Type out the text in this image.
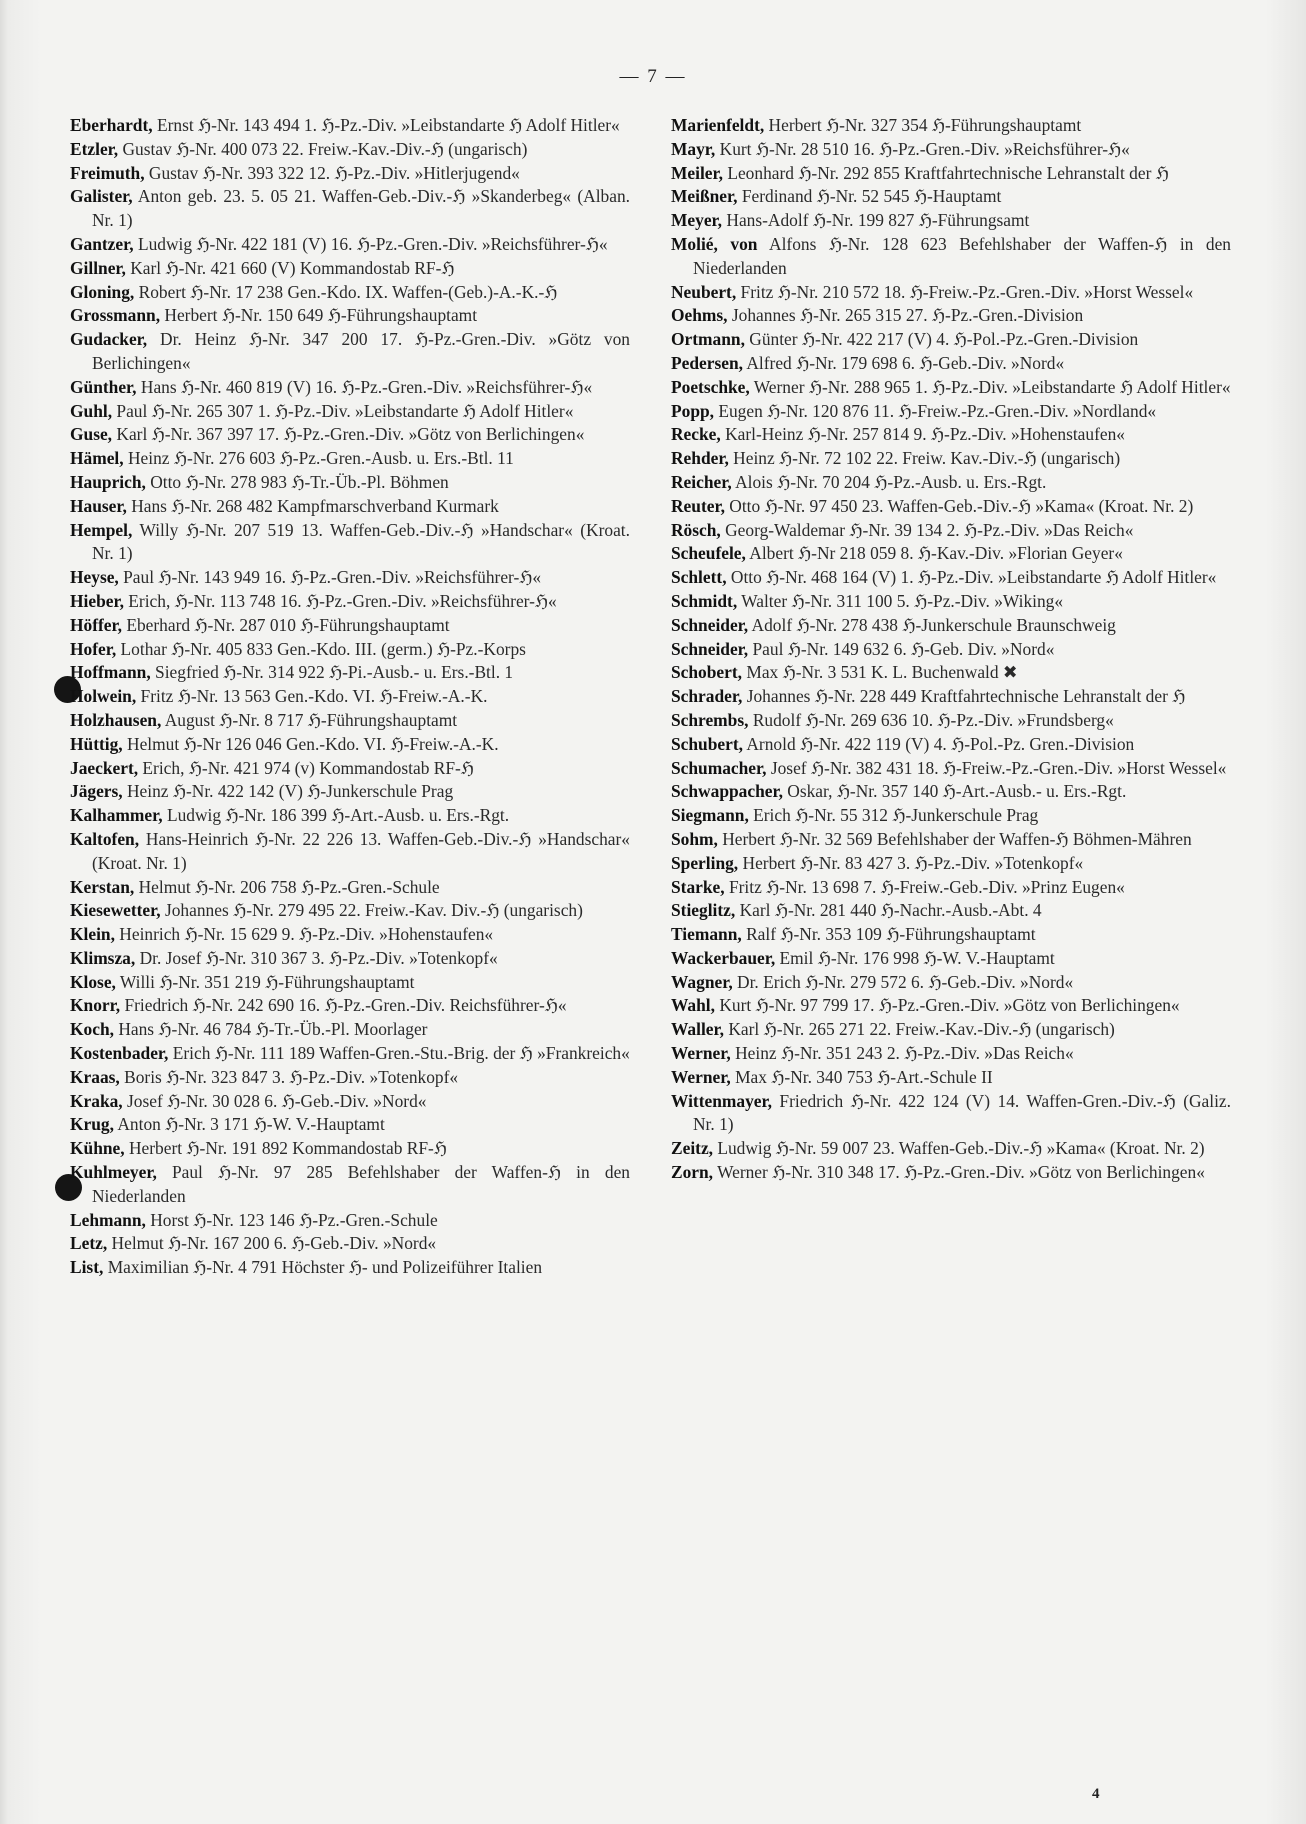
— 7 —

Eberhardt, Ernst ℌ-Nr. 143 494 1. ℌ-Pz.-Div. »Leibstandarte ℌ Adolf Hitler«

Etzler, Gustav ℌ-Nr. 400 073 22. Freiw.-Kav.-Div.-ℌ (ungarisch)

Freimuth, Gustav ℌ-Nr. 393 322 12. ℌ-Pz.-Div. »Hitlerjugend«

Galister, Anton geb. 23. 5. 05 21. Waffen-Geb.-Div.-ℌ »Skanderbeg« (Alban. Nr. 1)

Gantzer, Ludwig ℌ-Nr. 422 181 (V) 16. ℌ-Pz.-Gren.-Div. »Reichsführer-ℌ«

Gillner, Karl ℌ-Nr. 421 660 (V) Kommandostab RF-ℌ

Gloning, Robert ℌ-Nr. 17 238 Gen.-Kdo. IX. Waffen-(Geb.)-A.-K.-ℌ

Grossmann, Herbert ℌ-Nr. 150 649 ℌ-Führungshauptamt

Gudacker, Dr. Heinz ℌ-Nr. 347 200 17. ℌ-Pz.-Gren.-Div. »Götz von Berlichingen«

Günther, Hans ℌ-Nr. 460 819 (V) 16. ℌ-Pz.-Gren.-Div. »Reichsführer-ℌ«

Guhl, Paul ℌ-Nr. 265 307 1. ℌ-Pz.-Div. »Leibstandarte ℌ Adolf Hitler«

Guse, Karl ℌ-Nr. 367 397 17. ℌ-Pz.-Gren.-Div. »Götz von Berlichingen«

Hämel, Heinz ℌ-Nr. 276 603 ℌ-Pz.-Gren.-Ausb. u. Ers.-Btl. 11

Hauprich, Otto ℌ-Nr. 278 983 ℌ-Tr.-Üb.-Pl. Böhmen

Hauser, Hans ℌ-Nr. 268 482 Kampfmarschverband Kurmark

Hempel, Willy ℌ-Nr. 207 519 13. Waffen-Geb.-Div.-ℌ »Handschar« (Kroat. Nr. 1)

Heyse, Paul ℌ-Nr. 143 949 16. ℌ-Pz.-Gren.-Div. »Reichsführer-ℌ«

Hieber, Erich, ℌ-Nr. 113 748 16. ℌ-Pz.-Gren.-Div. »Reichsführer-ℌ«

Höffer, Eberhard ℌ-Nr. 287 010 ℌ-Führungshauptamt

Hofer, Lothar ℌ-Nr. 405 833 Gen.-Kdo. III. (germ.) ℌ-Pz.-Korps

Hoffmann, Siegfried ℌ-Nr. 314 922 ℌ-Pi.-Ausb.- u. Ers.-Btl. 1

Holwein, Fritz ℌ-Nr. 13 563 Gen.-Kdo. VI. ℌ-Freiw.-A.-K.

Holzhausen, August ℌ-Nr. 8 717 ℌ-Führungshauptamt

Hüttig, Helmut ℌ-Nr 126 046 Gen.-Kdo. VI. ℌ-Freiw.-A.-K.

Jaeckert, Erich, ℌ-Nr. 421 974 (v) Kommandostab RF-ℌ

Jägers, Heinz ℌ-Nr. 422 142 (V) ℌ-Junkerschule Prag

Kalhammer, Ludwig ℌ-Nr. 186 399 ℌ-Art.-Ausb. u. Ers.-Rgt.

Kaltofen, Hans-Heinrich ℌ-Nr. 22 226 13. Waffen-Geb.-Div.-ℌ »Handschar« (Kroat. Nr. 1)

Kerstan, Helmut ℌ-Nr. 206 758 ℌ-Pz.-Gren.-Schule

Kiesewetter, Johannes ℌ-Nr. 279 495 22. Freiw.-Kav. Div.-ℌ (ungarisch)

Klein, Heinrich ℌ-Nr. 15 629 9. ℌ-Pz.-Div. »Hohenstaufen«

Klimsza, Dr. Josef ℌ-Nr. 310 367 3. ℌ-Pz.-Div. »Totenkopf«

Klose, Willi ℌ-Nr. 351 219 ℌ-Führungshauptamt

Knorr, Friedrich ℌ-Nr. 242 690 16. ℌ-Pz.-Gren.-Div. Reichsführer-ℌ«

Koch, Hans ℌ-Nr. 46 784 ℌ-Tr.-Üb.-Pl. Moorlager

Kostenbader, Erich ℌ-Nr. 111 189 Waffen-Gren.-Stu.-Brig. der ℌ »Frankreich«

Kraas, Boris ℌ-Nr. 323 847 3. ℌ-Pz.-Div. »Totenkopf«

Kraka, Josef ℌ-Nr. 30 028 6. ℌ-Geb.-Div. »Nord«

Krug, Anton ℌ-Nr. 3 171 ℌ-W. V.-Hauptamt

Kühne, Herbert ℌ-Nr. 191 892 Kommandostab RF-ℌ

Kuhlmeyer, Paul ℌ-Nr. 97 285 Befehlshaber der Waffen-ℌ in den Niederlanden

Lehmann, Horst ℌ-Nr. 123 146 ℌ-Pz.-Gren.-Schule

Letz, Helmut ℌ-Nr. 167 200 6. ℌ-Geb.-Div. »Nord«

List, Maximilian ℌ-Nr. 4 791 Höchster ℌ- und Polizeiführer Italien

Marienfeldt, Herbert ℌ-Nr. 327 354 ℌ-Führungshauptamt

Mayr, Kurt ℌ-Nr. 28 510 16. ℌ-Pz.-Gren.-Div. »Reichsführer-ℌ«

Meiler, Leonhard ℌ-Nr. 292 855 Kraftfahrtechnische Lehranstalt der ℌ

Meißner, Ferdinand ℌ-Nr. 52 545 ℌ-Hauptamt

Meyer, Hans-Adolf ℌ-Nr. 199 827 ℌ-Führungsamt

Molié, von Alfons ℌ-Nr. 128 623 Befehlshaber der Waffen-ℌ in den Niederlanden

Neubert, Fritz ℌ-Nr. 210 572 18. ℌ-Freiw.-Pz.-Gren.-Div. »Horst Wessel«

Oehms, Johannes ℌ-Nr. 265 315 27. ℌ-Pz.-Gren.-Division

Ortmann, Günter ℌ-Nr. 422 217 (V) 4. ℌ-Pol.-Pz.-Gren.-Division

Pedersen, Alfred ℌ-Nr. 179 698 6. ℌ-Geb.-Div. »Nord«

Poetschke, Werner ℌ-Nr. 288 965 1. ℌ-Pz.-Div. »Leibstandarte ℌ Adolf Hitler«

Popp, Eugen ℌ-Nr. 120 876 11. ℌ-Freiw.-Pz.-Gren.-Div. »Nordland«

Recke, Karl-Heinz ℌ-Nr. 257 814 9. ℌ-Pz.-Div. »Hohenstaufen«

Rehder, Heinz ℌ-Nr. 72 102 22. Freiw. Kav.-Div.-ℌ (ungarisch)

Reicher, Alois ℌ-Nr. 70 204 ℌ-Pz.-Ausb. u. Ers.-Rgt.

Reuter, Otto ℌ-Nr. 97 450 23. Waffen-Geb.-Div.-ℌ »Kama« (Kroat. Nr. 2)

Rösch, Georg-Waldemar ℌ-Nr. 39 134 2. ℌ-Pz.-Div. »Das Reich«

Scheufele, Albert ℌ-Nr 218 059 8. ℌ-Kav.-Div. »Florian Geyer«

Schlett, Otto ℌ-Nr. 468 164 (V) 1. ℌ-Pz.-Div. »Leibstandarte ℌ Adolf Hitler«

Schmidt, Walter ℌ-Nr. 311 100 5. ℌ-Pz.-Div. »Wiking«

Schneider, Adolf ℌ-Nr. 278 438 ℌ-Junkerschule Braunschweig

Schneider, Paul ℌ-Nr. 149 632 6. ℌ-Geb. Div. »Nord«

Schobert, Max ℌ-Nr. 3 531 K. L. Buchenwald ✖

Schrader, Johannes ℌ-Nr. 228 449 Kraftfahrtechnische Lehranstalt der ℌ

Schrembs, Rudolf ℌ-Nr. 269 636 10. ℌ-Pz.-Div. »Frundsberg«

Schubert, Arnold ℌ-Nr. 422 119 (V) 4. ℌ-Pol.-Pz. Gren.-Division

Schumacher, Josef ℌ-Nr. 382 431 18. ℌ-Freiw.-Pz.-Gren.-Div. »Horst Wessel«

Schwappacher, Oskar, ℌ-Nr. 357 140 ℌ-Art.-Ausb.- u. Ers.-Rgt.

Siegmann, Erich ℌ-Nr. 55 312 ℌ-Junkerschule Prag

Sohm, Herbert ℌ-Nr. 32 569 Befehlshaber der Waffen-ℌ Böhmen-Mähren

Sperling, Herbert ℌ-Nr. 83 427 3. ℌ-Pz.-Div. »Totenkopf«

Starke, Fritz ℌ-Nr. 13 698 7. ℌ-Freiw.-Geb.-Div. »Prinz Eugen«

Stieglitz, Karl ℌ-Nr. 281 440 ℌ-Nachr.-Ausb.-Abt. 4

Tiemann, Ralf ℌ-Nr. 353 109 ℌ-Führungshauptamt

Wackerbauer, Emil ℌ-Nr. 176 998 ℌ-W. V.-Hauptamt

Wagner, Dr. Erich ℌ-Nr. 279 572 6. ℌ-Geb.-Div. »Nord«

Wahl, Kurt ℌ-Nr. 97 799 17. ℌ-Pz.-Gren.-Div. »Götz von Berlichingen«

Waller, Karl ℌ-Nr. 265 271 22. Freiw.-Kav.-Div.-ℌ (ungarisch)

Werner, Heinz ℌ-Nr. 351 243 2. ℌ-Pz.-Div. »Das Reich«

Werner, Max ℌ-Nr. 340 753 ℌ-Art.-Schule II

Wittenmayer, Friedrich ℌ-Nr. 422 124 (V) 14. Waffen-Gren.-Div.-ℌ (Galiz. Nr. 1)

Zeitz, Ludwig ℌ-Nr. 59 007 23. Waffen-Geb.-Div.-ℌ »Kama« (Kroat. Nr. 2)

Zorn, Werner ℌ-Nr. 310 348 17. ℌ-Pz.-Gren.-Div. »Götz von Berlichingen«

4
